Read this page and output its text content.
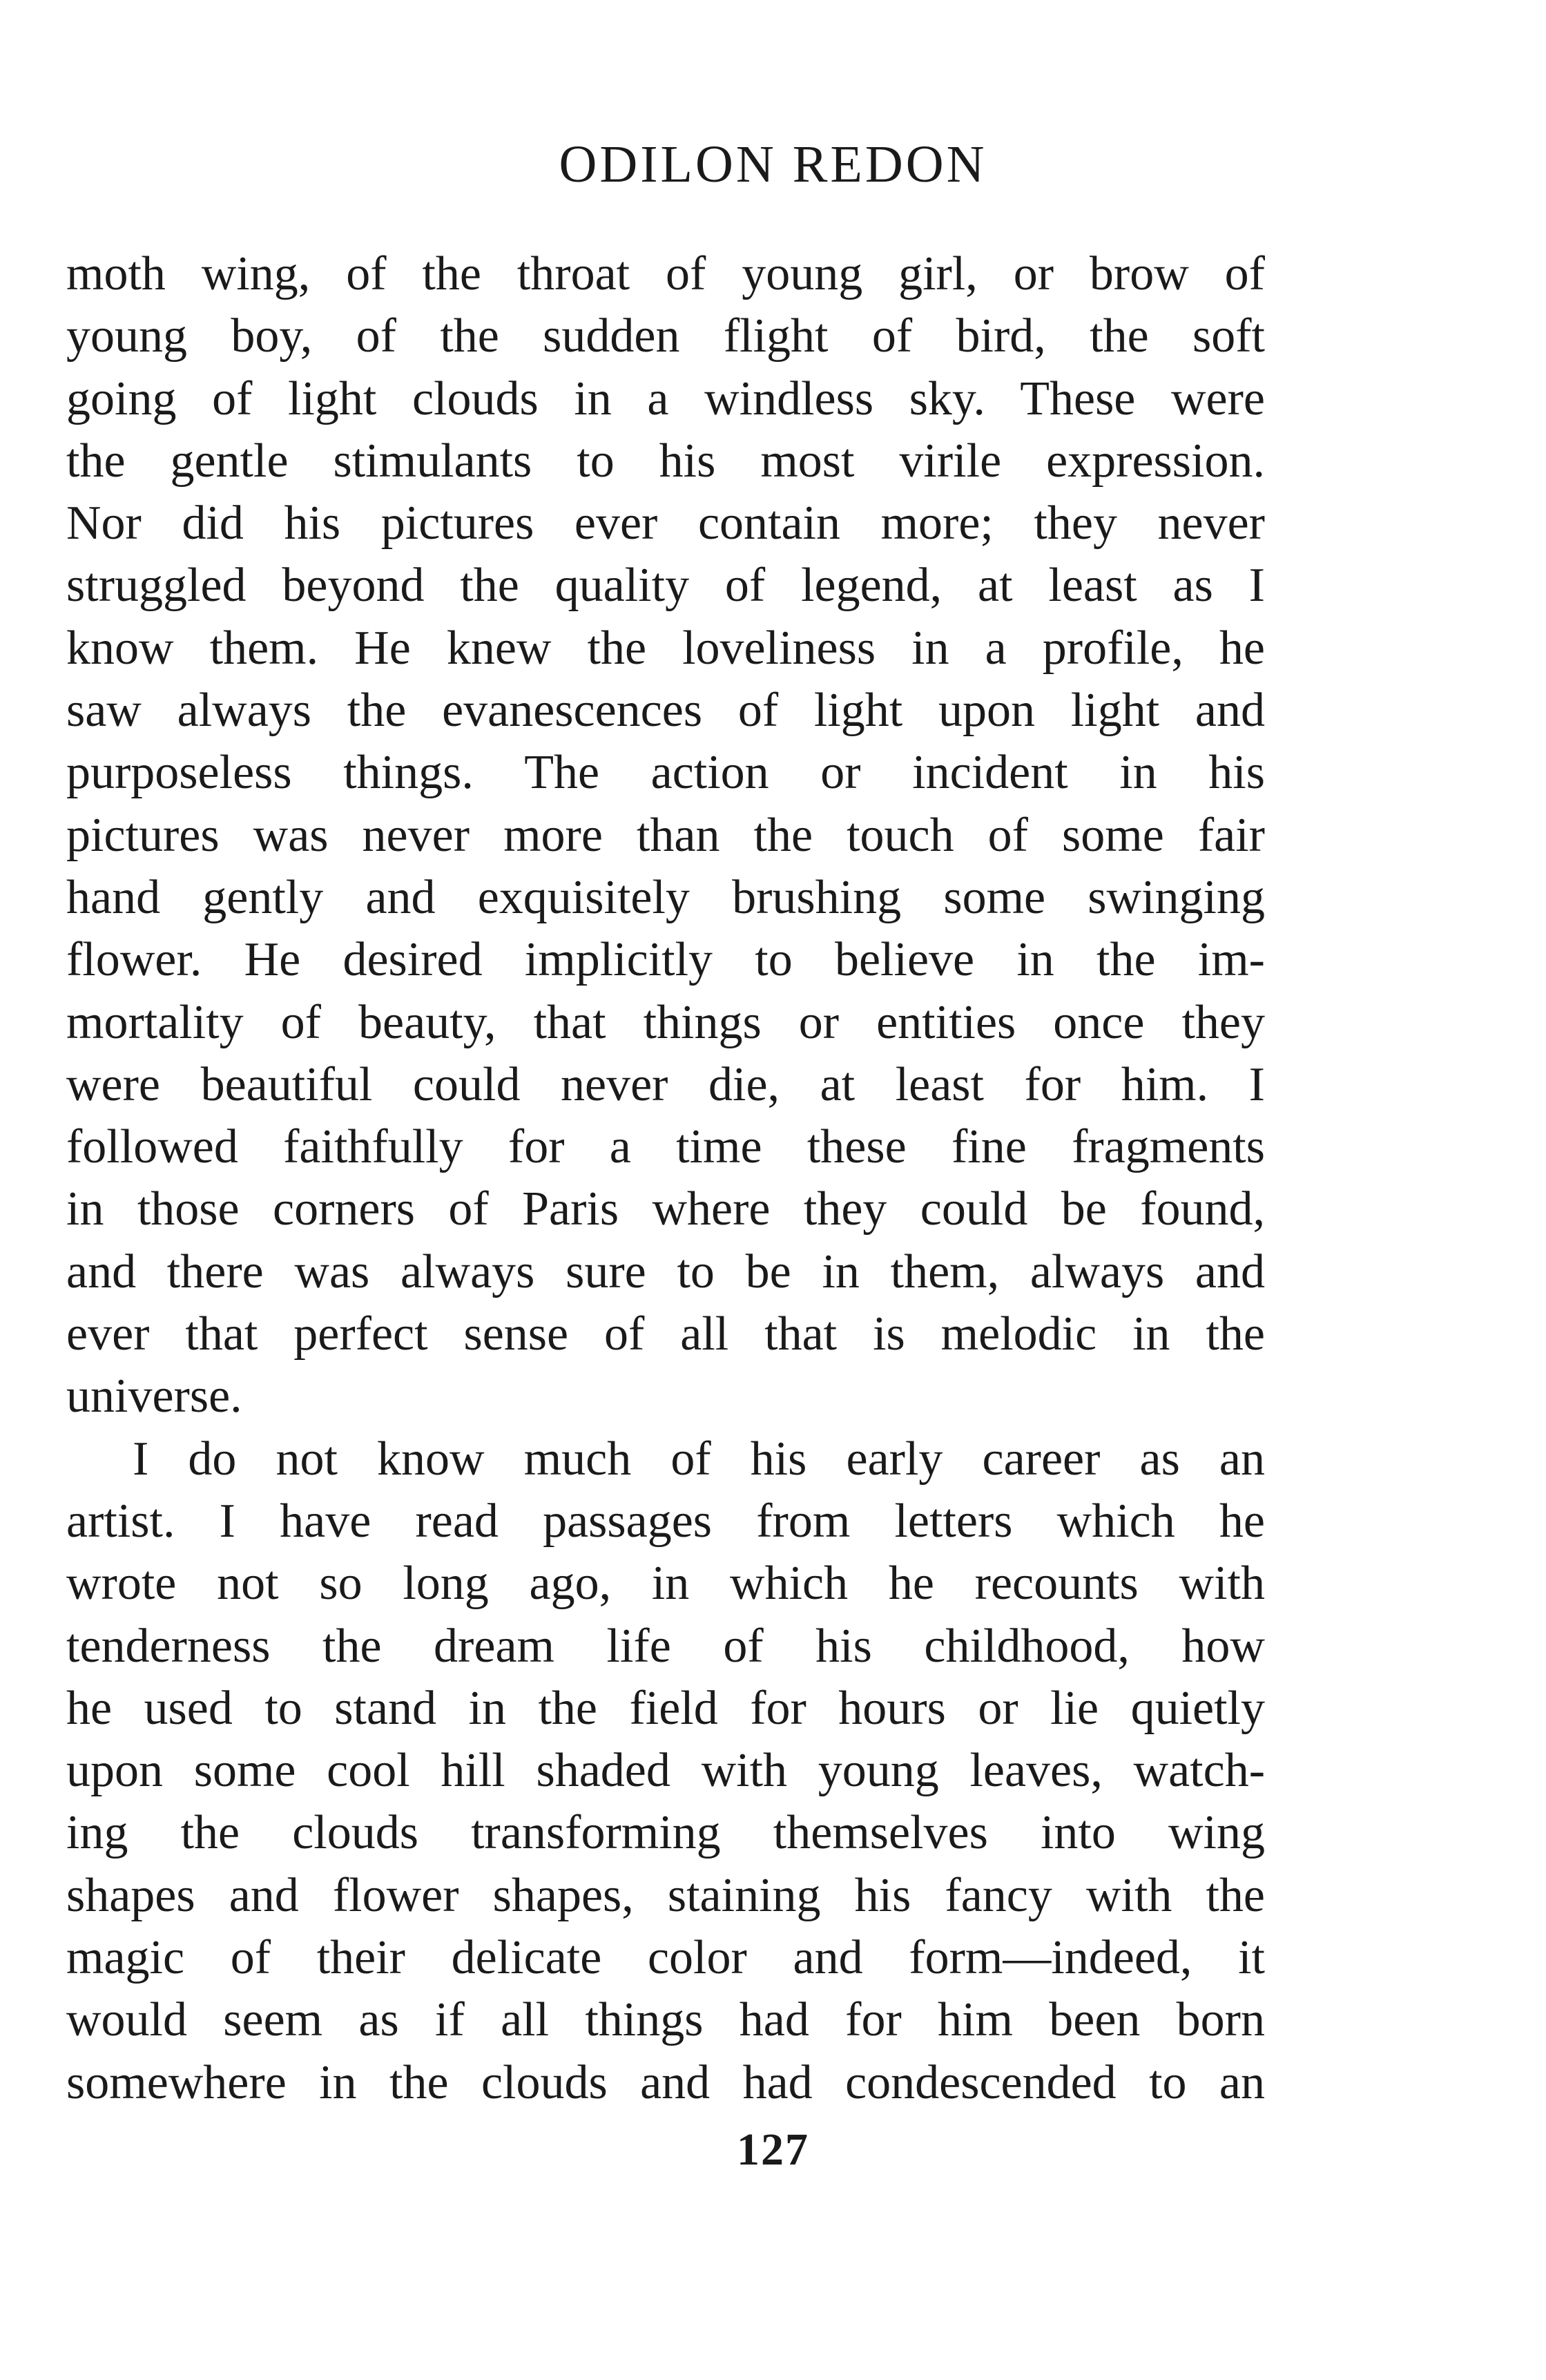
ODILON REDON
moth wing, of the throat of young girl, or brow of
young boy, of the sudden flight of bird, the soft
going of light clouds in a windless sky. These were
the gentle stimulants to his most virile expression.
Nor did his pictures ever contain more; they never
struggled beyond the quality of legend, at least as I
know them. He knew the loveliness in a profile, he
saw always the evanescences of light upon light and
purposeless things. The action or incident in his
pictures was never more than the touch of some fair
hand gently and exquisitely brushing some swinging
flower. He desired implicitly to believe in the im-
mortality of beauty, that things or entities once they
were beautiful could never die, at least for him. I
followed faithfully for a time these fine fragments
in those corners of Paris where they could be found,
and there was always sure to be in them, always and
ever that perfect sense of all that is melodic in the
universe.
I do not know much of his early career as an
artist. I have read passages from letters which he
wrote not so long ago, in which he recounts with
tenderness the dream life of his childhood, how
he used to stand in the field for hours or lie quietly
upon some cool hill shaded with young leaves, watch-
ing the clouds transforming themselves into wing
shapes and flower shapes, staining his fancy with the
magic of their delicate color and form—indeed, it
would seem as if all things had for him been born
somewhere in the clouds and had condescended to an
127
